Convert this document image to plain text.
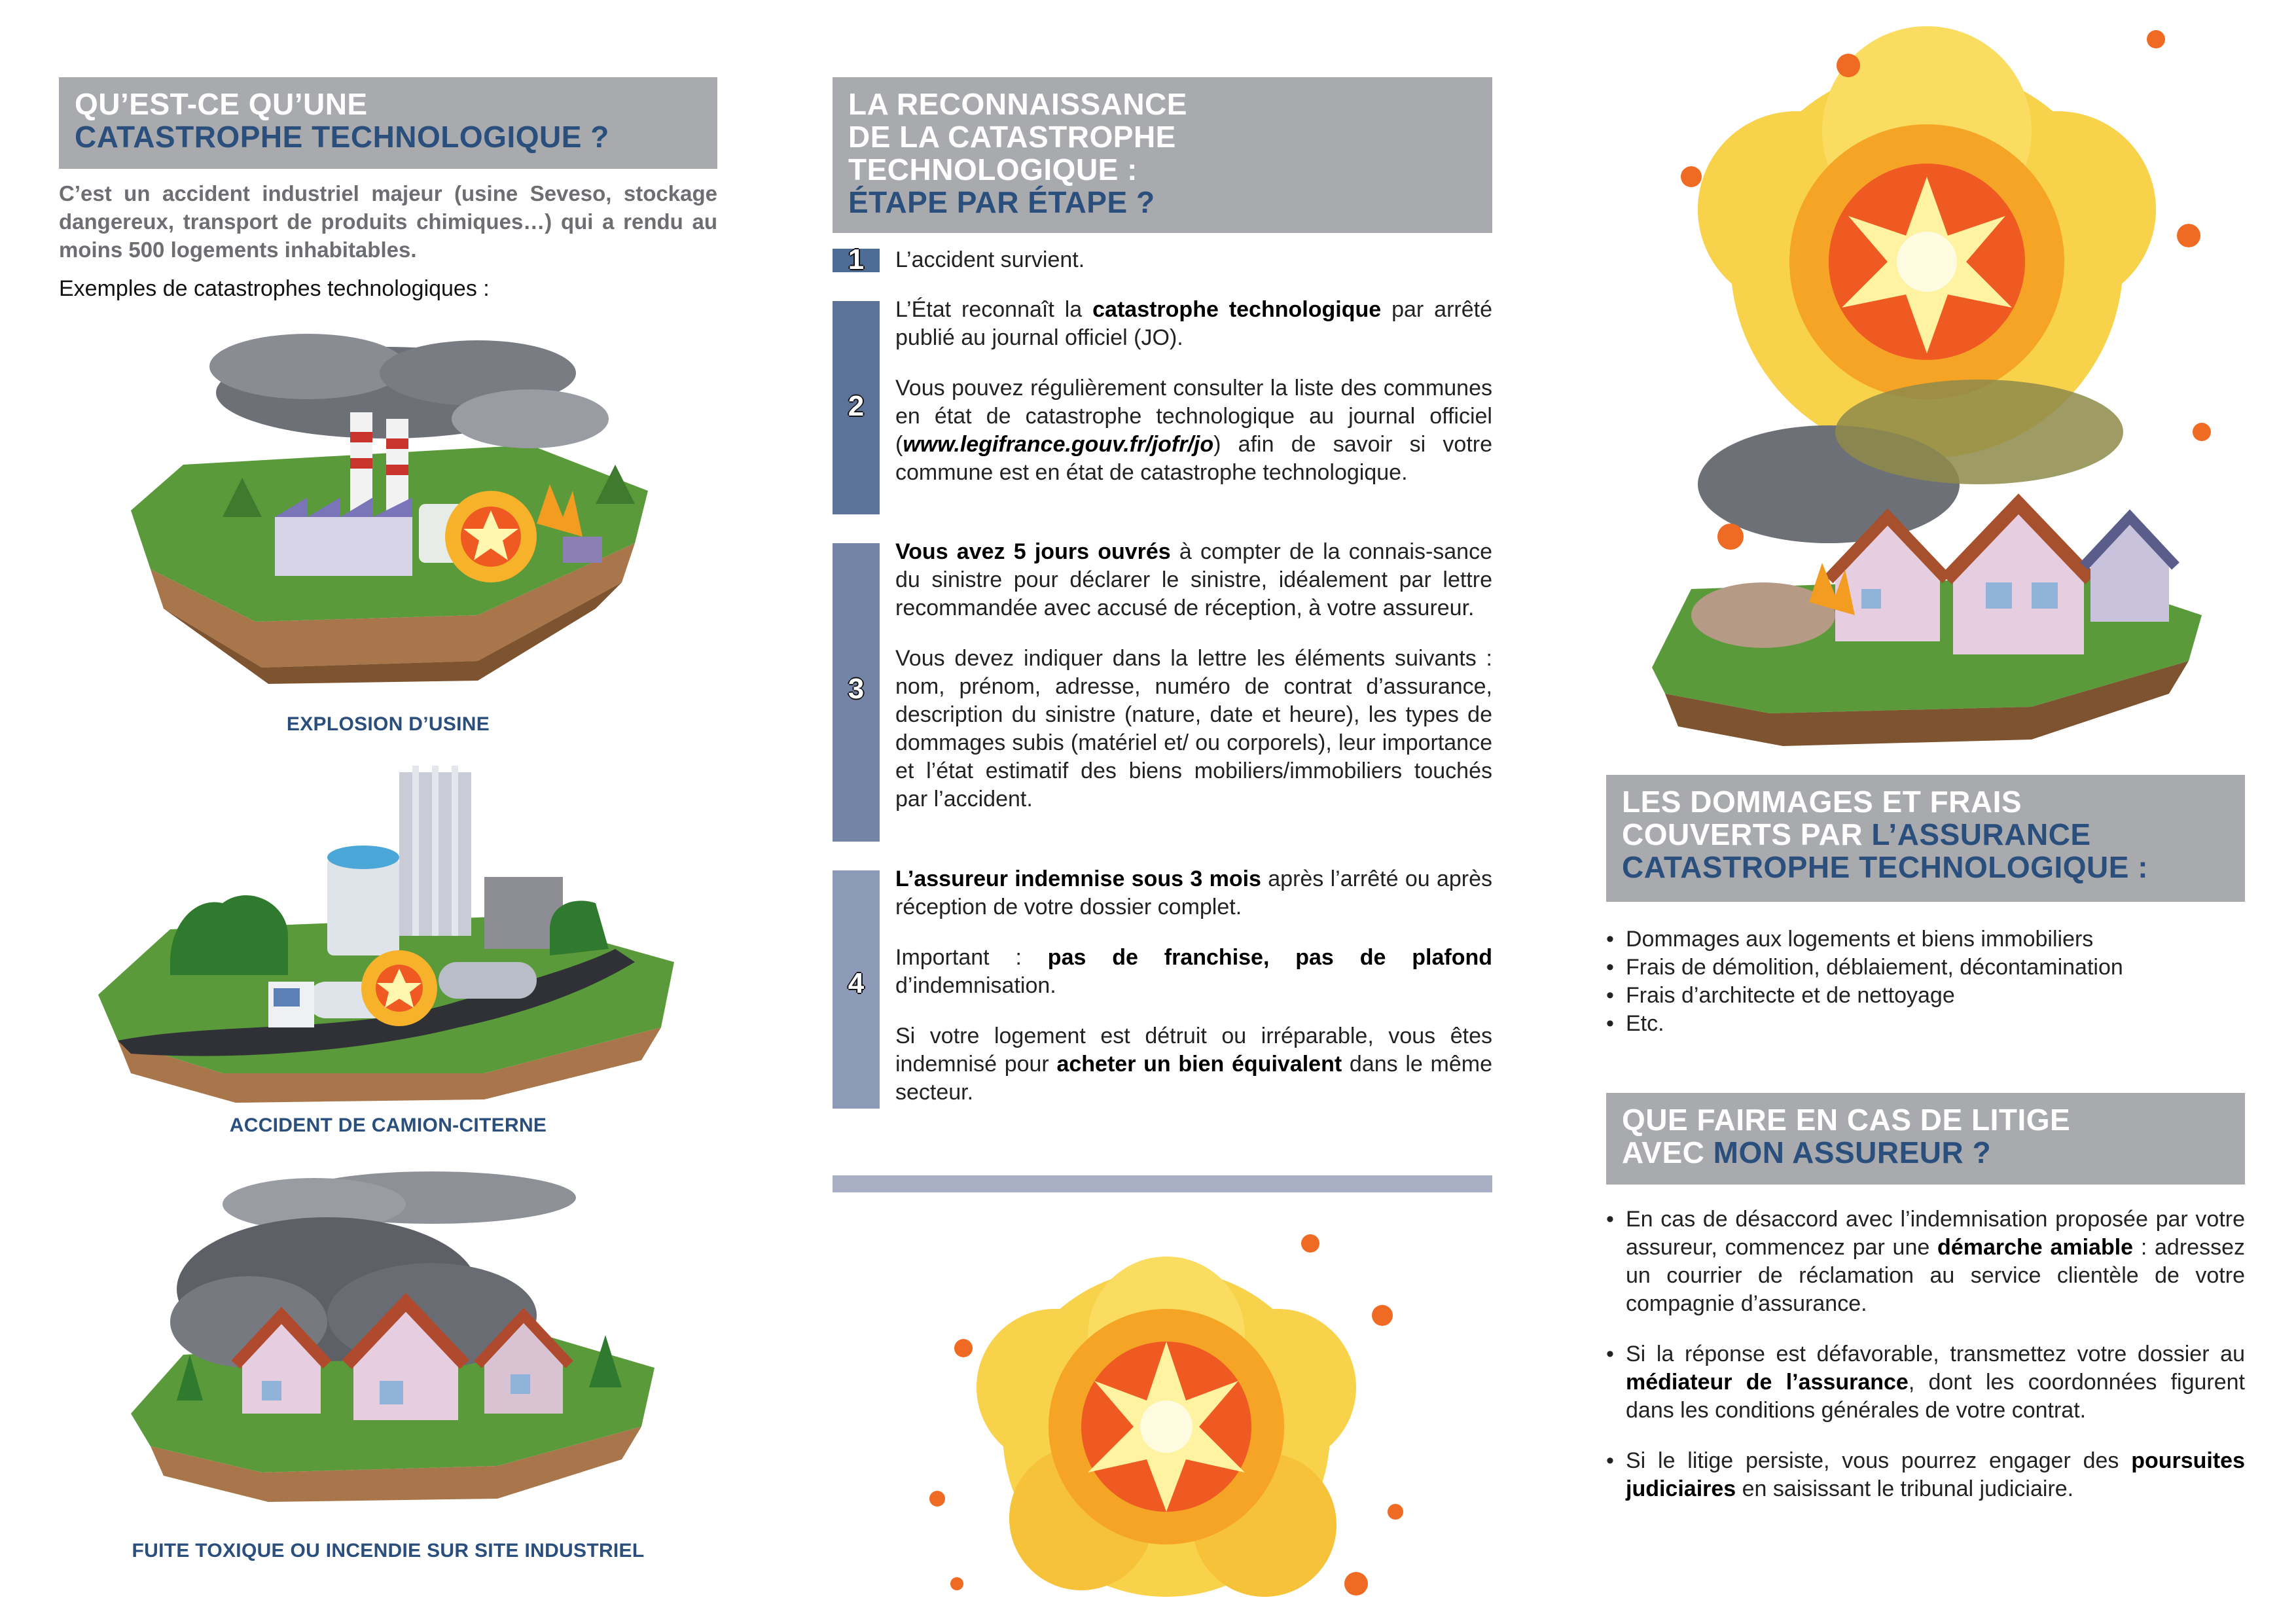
QU’EST-CE QU’UNE
CATASTROPHE TECHNOLOGIQUE ?

C’est un accident industriel majeur (usine Seveso, stockage dangereux, transport de produits chimiques…) qui a rendu au moins 500 logements inhabitables.

Exemples de catastrophes technologiques :

EXPLOSION D’USINE

ACCIDENT DE CAMION-CITERNE

FUITE TOXIQUE OU INCENDIE SUR SITE INDUSTRIEL

LA RECONNAISSANCE
DE LA CATASTROPHE
TECHNOLOGIQUE :
ÉTAPE PAR ÉTAPE ?
1	L’accident survient.

2

L’État reconnaît la catastrophe technologique par arrêté publié au journal officiel (JO).

Vous pouvez régulièrement consulter la liste des communes en état de catastrophe technologique au journal officiel (www.legifrance.gouv.fr/jofr/jo) afin de savoir si votre commune est en état de catastrophe technologique.

3

Vous avez 5 jours ouvrés à compter de la connais-sance du sinistre pour déclarer le sinistre, idéalement par lettre recommandée avec accusé de réception, à votre assureur.

Vous devez indiquer dans la lettre les éléments suivants : nom, prénom, adresse, numéro de contrat d’assurance, description du sinistre (nature, date et heure), les types de dommages subis (matériel et/ ou corporels), leur importance et l’état estimatif des biens mobiliers/immobiliers touchés par l’accident.

4

L’assureur indemnise sous 3 mois après l’arrêté ou après réception de votre dossier complet.

Important : pas de franchise, pas de plafond d’indemnisation.

Si votre logement est détruit ou irréparable, vous êtes indemnisé pour acheter un bien équivalent dans le même secteur.

LES DOMMAGES ET FRAIS
COUVERTS PAR L’ASSURANCE
CATASTROPHE TECHNOLOGIQUE :
• Dommages aux logements et biens immobiliers
• Frais de démolition, déblaiement, décontamination
• Frais d’architecte et de nettoyage
• Etc.
QUE FAIRE EN CAS DE LITIGE
AVEC MON ASSUREUR ?
• En cas de désaccord avec l’indemnisation proposée par votre assureur, commencez par une démarche amiable : adressez un courrier de réclamation au service clientèle de votre compagnie d’assurance.
• Si la réponse est défavorable, transmettez votre dossier au médiateur de l’assurance, dont les coordonnées figurent dans les conditions générales de votre contrat.
• Si le litige persiste, vous pourrez engager des poursuites judiciaires en saisissant le tribunal judiciaire.
